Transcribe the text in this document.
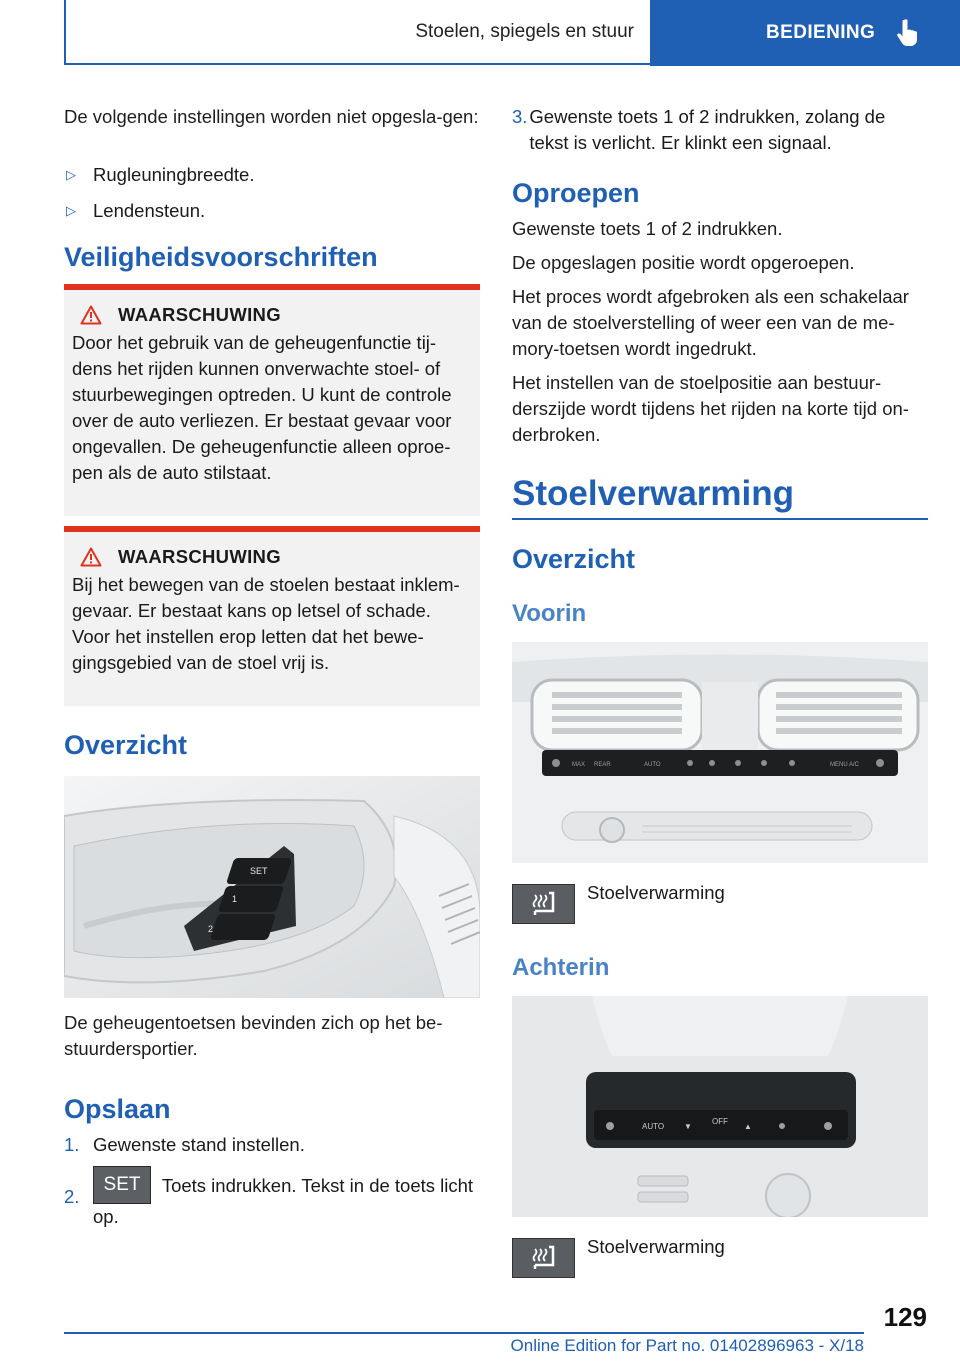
Stoelen, spiegels en stuur	BEDIENING

De volgende instellingen worden niet opgesla-gen:

▷ Rugleuningbreedte.
▷ Lendensteun.
Veiligheidsvoorschriften
WAARSCHUWING

Door het gebruik van de geheugenfunctie tij-dens het rijden kunnen onverwachte stoel- of stuurbewegingen optreden. U kunt de controle over de auto verliezen. Er bestaat gevaar voor ongevallen. De geheugenfunctie alleen oproe-pen als de auto stilstaat.

WAARSCHUWING

Bij het bewegen van de stoelen bestaat inklem-gevaar. Er bestaat kans op letsel of schade. Voor het instellen erop letten dat het bewe-gingsgebied van de stoel vrij is.

Overzicht
SET
1
2

De geheugentoetsen bevinden zich op het be-stuurdersportier.

Opslaan
1. Gewenste stand instellen.
2.
SET Toets indrukken. Tekst in de toets licht op.
3. Gewenste toets 1 of 2 indrukken, zolang de tekst is verlicht. Er klinkt een signaal.
Oproepen

Gewenste toets 1 of 2 indrukken.

De opgeslagen positie wordt opgeroepen.

Het proces wordt afgebroken als een schakelaar van de stoelverstelling of weer een van de me-mory-toetsen wordt ingedrukt.

Het instellen van de stoelpositie aan bestuur-derszijde wordt tijdens het rijden na korte tijd on-derbroken.

Stoelverwarming
Overzicht
Voorin
MAX REAR	AUTO	MENU A/C
Stoelverwarming
Achterin
AUTO
OFF
▼	▲
Stoelverwarming
129
Online Edition for Part no. 01402896963 - X/18
